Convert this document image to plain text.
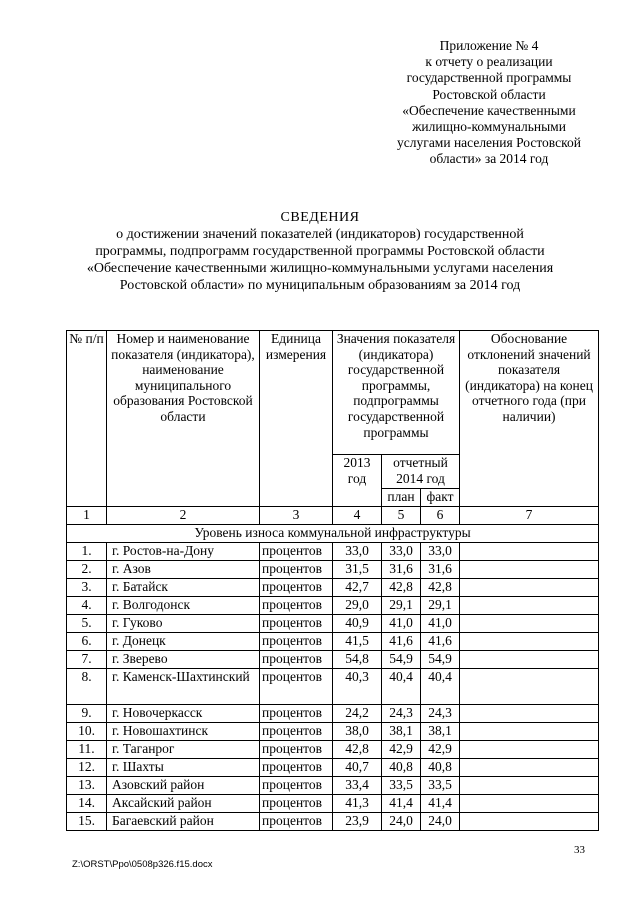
Приложение № 4
к отчету о реализации
государственной программы
Ростовской области
«Обеспечение качественными
жилищно-коммунальными
услугами населения Ростовской
области» за 2014 год
СВЕДЕНИЯ
о достижении значений показателей (индикаторов) государственной
программы, подпрограмм государственной программы Ростовской области
«Обеспечение качественными жилищно-коммунальными услугами населения
Ростовской области» по муниципальным образованиям за 2014 год
№ п/п	Номер и наименование показателя (индикатора), наименование муниципального образования Ростовской области	Единица измерения	Значения показателя (индикатора) государственной программы, подпрограммы государственной программы			Обоснование отклонений значений показателя (индикатора) на конец отчетного года (при наличии)
			2013 год	отчетный 2014 год		
				план	факт	
1	2	3	4	5	6	7
Уровень износа коммунальной инфраструктуры						
1.	г. Ростов-на-Дону	процентов	33,0	33,0	33,0	
2.	г. Азов	процентов	31,5	31,6	31,6	
3.	г. Батайск	процентов	42,7	42,8	42,8	
4.	г. Волгодонск	процентов	29,0	29,1	29,1	
5.	г. Гуково	процентов	40,9	41,0	41,0	
6.	г. Донецк	процентов	41,5	41,6	41,6	
7.	г. Зверево	процентов	54,8	54,9	54,9	
8.	г. Каменск-Шахтинский	процентов	40,3	40,4	40,4	
9.	г. Новочеркасск	процентов	24,2	24,3	24,3	
10.	г. Новошахтинск	процентов	38,0	38,1	38,1	
11.	г. Таганрог	процентов	42,8	42,9	42,9	
12.	г. Шахты	процентов	40,7	40,8	40,8	
13.	Азовский район	процентов	33,4	33,5	33,5	
14.	Аксайский район	процентов	41,3	41,4	41,4	
15.	Багаевский район	процентов	23,9	24,0	24,0	
33
Z:\ORST\Ppo\0508p326.f15.docx
